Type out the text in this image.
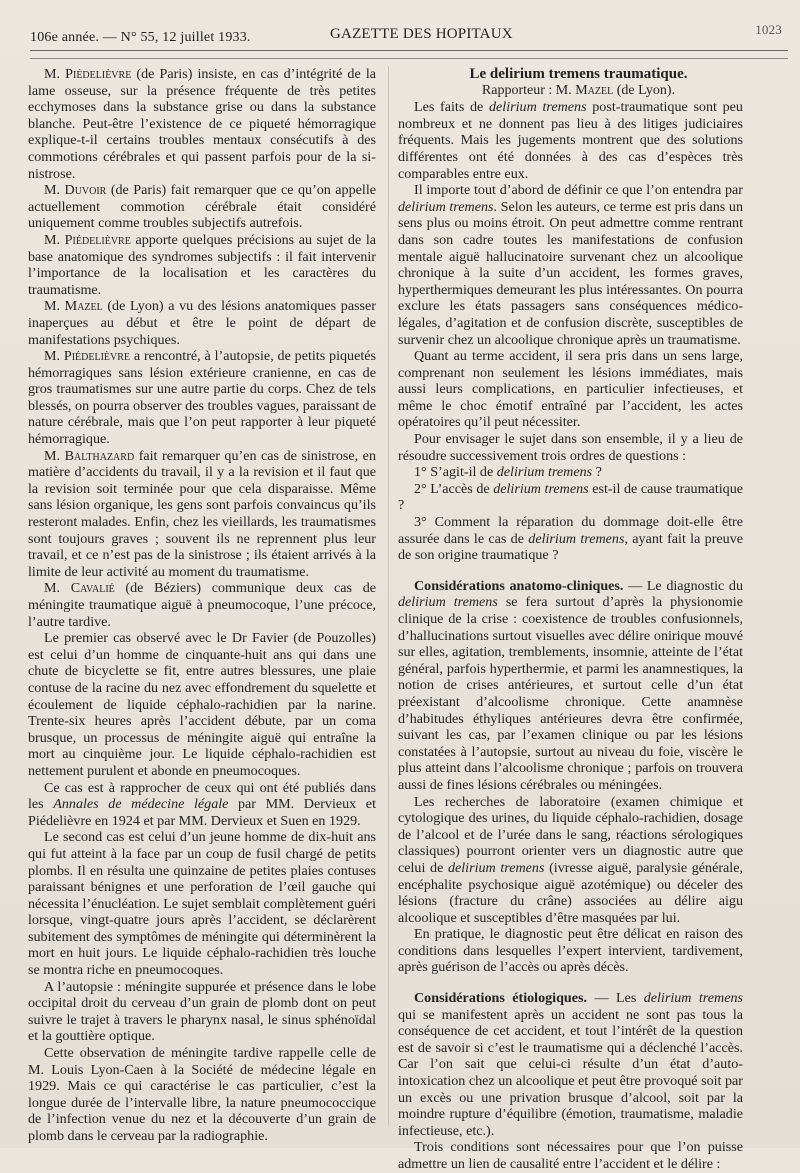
106e année. — N° 55, 12 juillet 1933.	GAZETTE DES HOPITAUX	1023

M. Piédelièvre (de Paris) insiste, en cas d’intégrité de la lame osseuse, sur la présence fréquente de très petites ecchymoses dans la substance grise ou dans la substance blanche. Peut-être l’existence de ce piqueté hémorragique explique-t-il certains troubles mentaux consécutifs à des commotions cérébrales et qui passent parfois pour de la si-nistrose.

M. Duvoir (de Paris) fait remarquer que ce qu’on appelle actuellement commotion cérébrale était considéré uniquement comme troubles subjectifs autrefois.

M. Piédelièvre apporte quelques précisions au sujet de la base anatomique des syndromes subjectifs : il fait intervenir l’importance de la localisation et les caractères du traumatisme.

M. Mazel (de Lyon) a vu des lésions anatomiques passer inaperçues au début et être le point de départ de manifestations psychiques.

M. Piédelièvre a rencontré, à l’autopsie, de petits piquetés hémorragiques sans lésion extérieure cranienne, en cas de gros traumatismes sur une autre partie du corps. Chez de tels blessés, on pourra observer des troubles vagues, paraissant de nature cérébrale, mais que l’on peut rapporter à leur piqueté hémorragique.

M. Balthazard fait remarquer qu’en cas de sinistrose, en matière d’accidents du travail, il y a la revision et il faut que la revision soit terminée pour que cela disparaisse. Même sans lésion organique, les gens sont parfois convaincus qu’ils resteront malades. Enfin, chez les vieillards, les traumatismes sont toujours graves ; souvent ils ne reprennent plus leur travail, et ce n’est pas de la sinistrose ; ils étaient arrivés à la limite de leur activité au moment du traumatisme.

M. Cavalié (de Béziers) communique deux cas de méningite traumatique aiguë à pneumocoque, l’une précoce, l’autre tardive.

Le premier cas observé avec le Dr Favier (de Pouzolles) est celui d’un homme de cinquante-huit ans qui dans une chute de bicyclette se fit, entre autres blessures, une plaie contuse de la racine du nez avec effondrement du squelette et écoulement de liquide céphalo-rachidien par la narine. Trente-six heures après l’accident débute, par un coma brusque, un processus de méningite aiguë qui entraîne la mort au cinquième jour. Le liquide céphalo-rachidien est nettement purulent et abonde en pneumocoques.

Ce cas est à rapprocher de ceux qui ont été publiés dans les Annales de médecine légale par MM. Dervieux et Piédelièvre en 1924 et par MM. Dervieux et Suen en 1929.

Le second cas est celui d’un jeune homme de dix-huit ans qui fut atteint à la face par un coup de fusil chargé de petits plombs. Il en résulta une quinzaine de petites plaies contuses paraissant bénignes et une perforation de l’œil gauche qui nécessita l’énucléation. Le sujet semblait complètement guéri lorsque, vingt-quatre jours après l’accident, se déclarèrent subitement des symptômes de méningite qui déterminèrent la mort en huit jours. Le liquide céphalo-rachidien très louche se montra riche en pneumocoques.

A l’autopsie : méningite suppurée et présence dans le lobe occipital droit du cerveau d’un grain de plomb dont on peut suivre le trajet à travers le pharynx nasal, le sinus sphénoïdal et la gouttière optique.

Cette observation de méningite tardive rappelle celle de M. Louis Lyon-Caen à la Société de médecine légale en 1929. Mais ce qui caractérise le cas particulier, c’est la longue durée de l’intervalle libre, la nature pneumococcique de l’infection venue du nez et la découverte d’un grain de plomb dans le cerveau par la radiographie.

Le delirium tremens traumatique.

Rapporteur : M. Mazel (de Lyon).

Les faits de delirium tremens post-traumatique sont peu nombreux et ne donnent pas lieu à des litiges judiciaires fréquents. Mais les jugements montrent que des solutions différentes ont été données à des cas d’espèces très comparables entre eux.

Il importe tout d’abord de définir ce que l’on entendra par delirium tremens. Selon les auteurs, ce terme est pris dans un sens plus ou moins étroit. On peut admettre comme rentrant dans son cadre toutes les manifestations de confusion mentale aiguë hallucinatoire survenant chez un alcoolique chronique à la suite d’un accident, les formes graves, hyperthermiques demeurant les plus intéressantes. On pourra exclure les états passagers sans conséquences médico-légales, d’agitation et de confusion discrète, susceptibles de survenir chez un alcoolique chronique après un traumatisme.

Quant au terme accident, il sera pris dans un sens large, comprenant non seulement les lésions immédiates, mais aussi leurs complications, en particulier infectieuses, et même le choc émotif entraîné par l’accident, les actes opératoires qu’il peut nécessiter.

Pour envisager le sujet dans son ensemble, il y a lieu de résoudre successivement trois ordres de questions :

1° S’agit-il de delirium tremens ?

2° L’accès de delirium tremens est-il de cause traumatique ?

3° Comment la réparation du dommage doit-elle être assurée dans le cas de delirium tremens, ayant fait la preuve de son origine traumatique ?

Considérations anatomo-cliniques. — Le diagnostic du delirium tremens se fera surtout d’après la physionomie clinique de la crise : coexistence de troubles confusionnels, d’hallucinations surtout visuelles avec délire onirique mouvé sur elles, agitation, tremblements, insomnie, atteinte de l’état général, parfois hyperthermie, et parmi les anamnestiques, la notion de crises antérieures, et surtout celle d’un état préexistant d’alcoolisme chronique. Cette anamnèse d’habitudes éthyliques antérieures devra être confirmée, suivant les cas, par l’examen clinique ou par les lésions constatées à l’autopsie, surtout au niveau du foie, viscère le plus atteint dans l’alcoolisme chronique ; parfois on trouvera aussi de fines lésions cérébrales ou méningées.

Les recherches de laboratoire (examen chimique et cytologique des urines, du liquide céphalo-rachidien, dosage de l’alcool et de l’urée dans le sang, réactions sérologiques classiques) pourront orienter vers un diagnostic autre que celui de delirium tremens (ivresse aiguë, paralysie générale, encéphalite psychosique aiguë azotémique) ou déceler des lésions (fracture du crâne) associées au délire aigu alcoolique et susceptibles d’être masquées par lui.

En pratique, le diagnostic peut être délicat en raison des conditions dans lesquelles l’expert intervient, tardivement, après guérison de l’accès ou après décès.

Considérations étiologiques. — Les delirium tremens qui se manifestent après un accident ne sont pas tous la conséquence de cet accident, et tout l’intérêt de la question est de savoir si c’est le traumatisme qui a déclenché l’accès. Car l’on sait que celui-ci résulte d’un état d’auto-intoxication chez un alcoolique et peut être provoqué soit par un excès ou une privation brusque d’alcool, soit par la moindre rupture d’équilibre (émotion, traumatisme, maladie infectieuse, etc.).

Trois conditions sont nécessaires pour que l’on puisse admettre un lien de causalité entre l’accident et le délire :
